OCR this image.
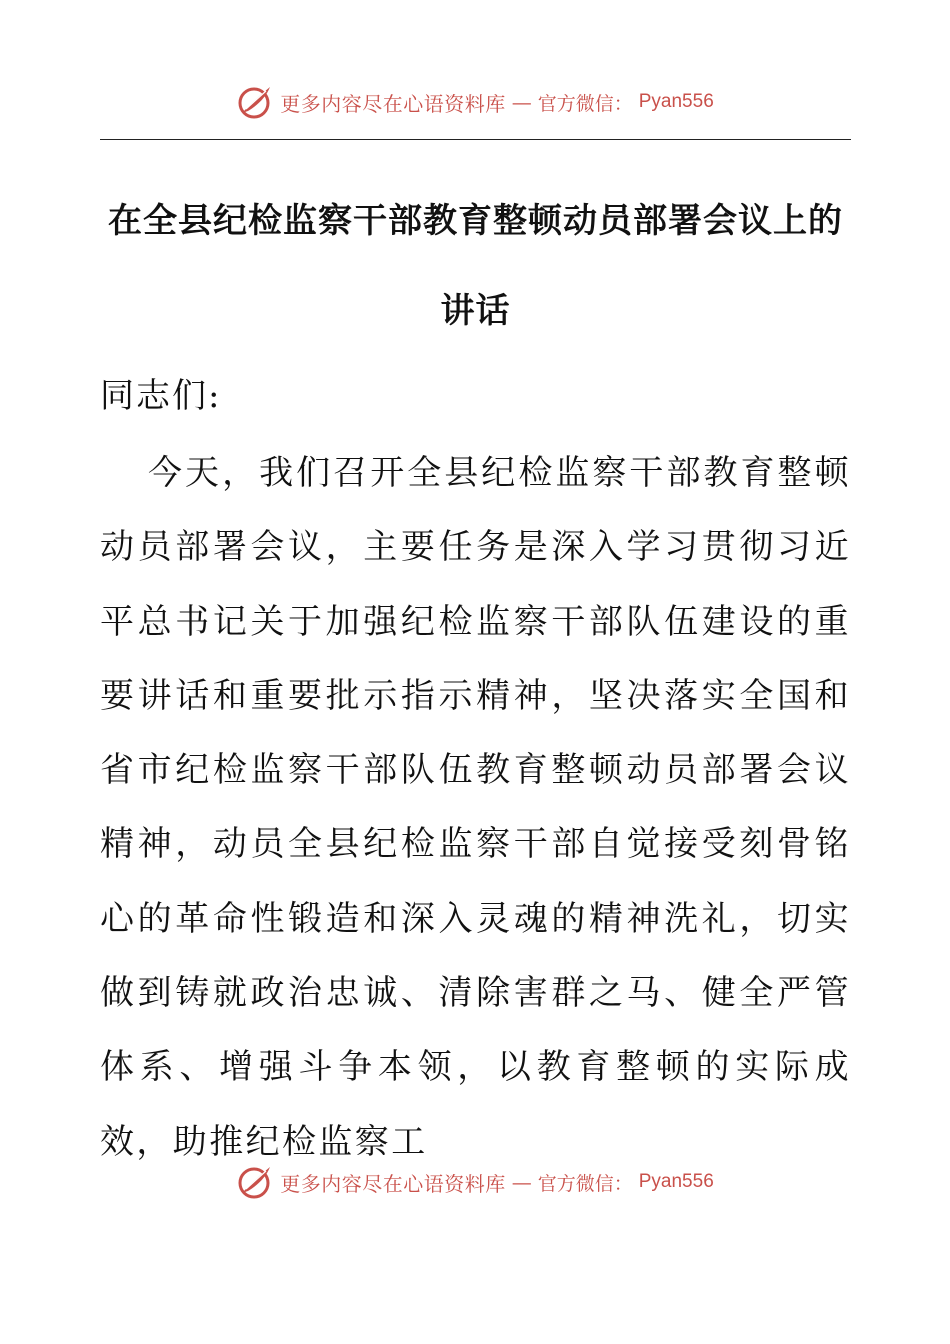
更多内容尽在心语资料库 — 官方微信： Pyan556
在全县纪检监察干部教育整顿动员部署会议上的讲话

同志们:

今天，我们召开全县纪检监察干部教育整顿动员部署会议，主要任务是深入学习贯彻习近平总书记关于加强纪检监察干部队伍建设的重要讲话和重要批示指示精神，坚决落实全国和省市纪检监察干部队伍教育整顿动员部署会议精神，动员全县纪检监察干部自觉接受刻骨铭心的革命性锻造和深入灵魂的精神洗礼，切实做到铸就政治忠诚、清除害群之马、健全严管体系、增强斗争本领，以教育整顿的实际成效，助推纪检监察工

更多内容尽在心语资料库 — 官方微信： Pyan556
